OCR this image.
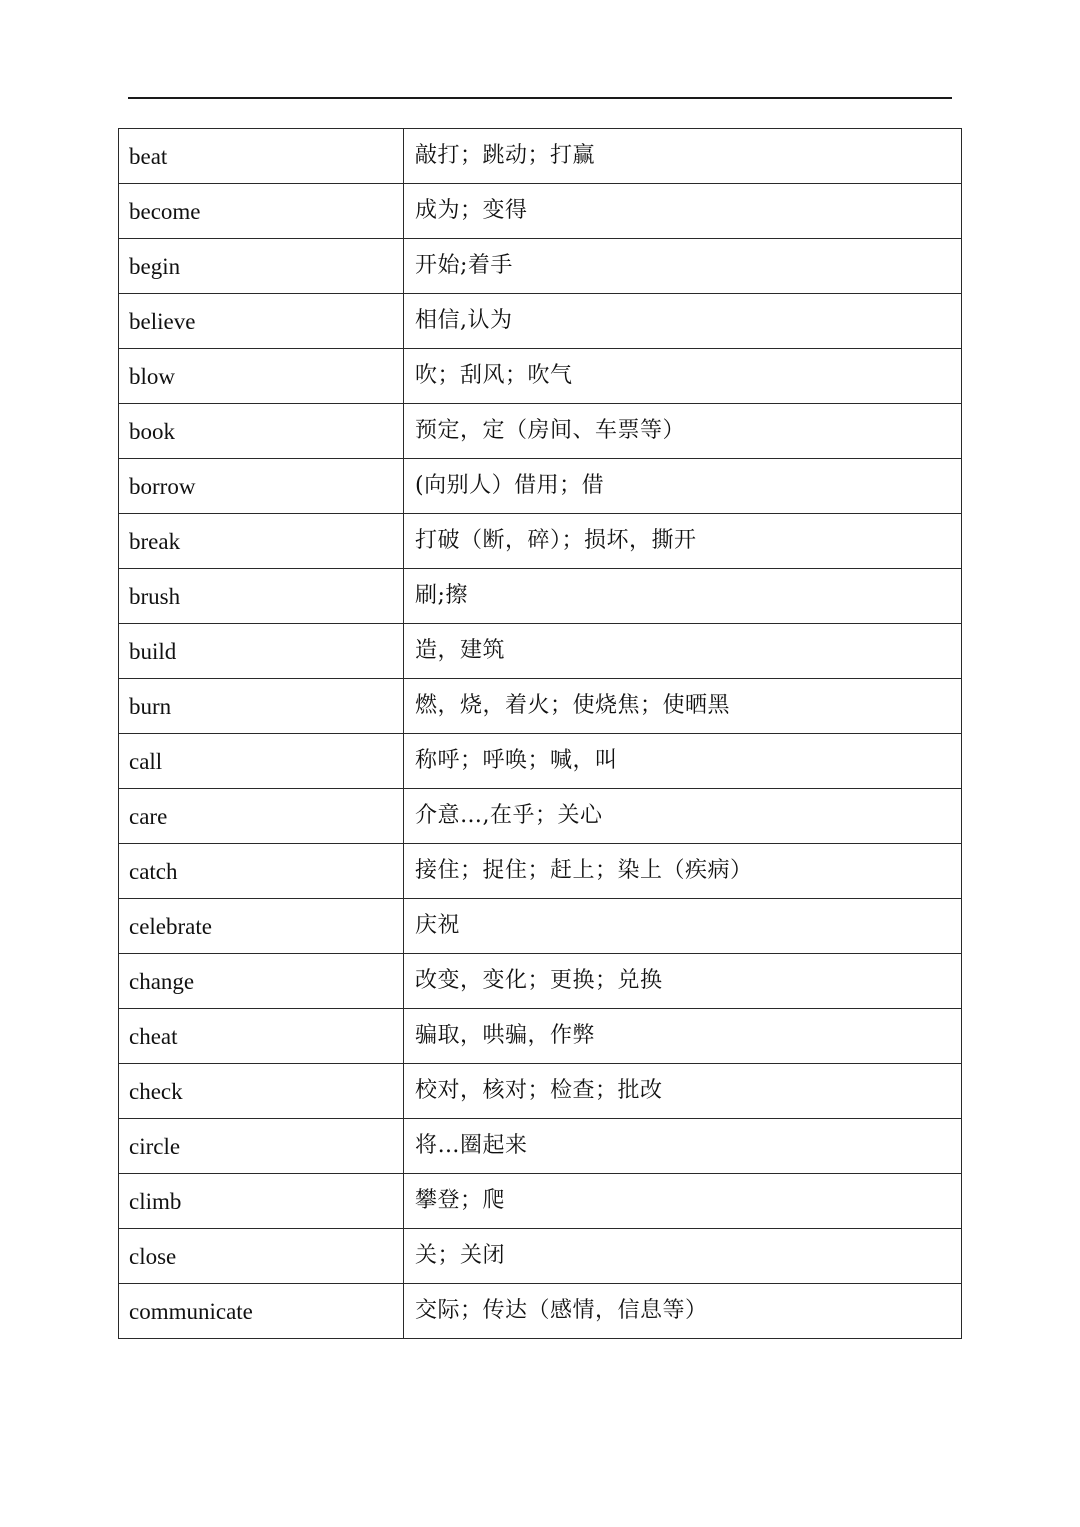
beat	敲打；跳动；打赢
become	成为；变得
begin	开始;着手
believe	相信,认为
blow	吹；刮风；吹气
book	预定，定（房间、车票等）
borrow	(向别人）借用；借
break	打破（断，碎）；损坏，撕开
brush	刷;擦
build	造，建筑
burn	燃，烧，着火；使烧焦；使晒黑
call	称呼；呼唤；喊，叫
care	介意…,在乎；关心
catch	接住；捉住；赶上；染上（疾病）
celebrate	庆祝
change	改变，变化；更换；兑换
cheat	骗取，哄骗，作弊
check	校对，核对；检查；批改
circle	将…圈起来
climb	攀登；爬
close	关；关闭
communicate	交际；传达（感情，信息等）
